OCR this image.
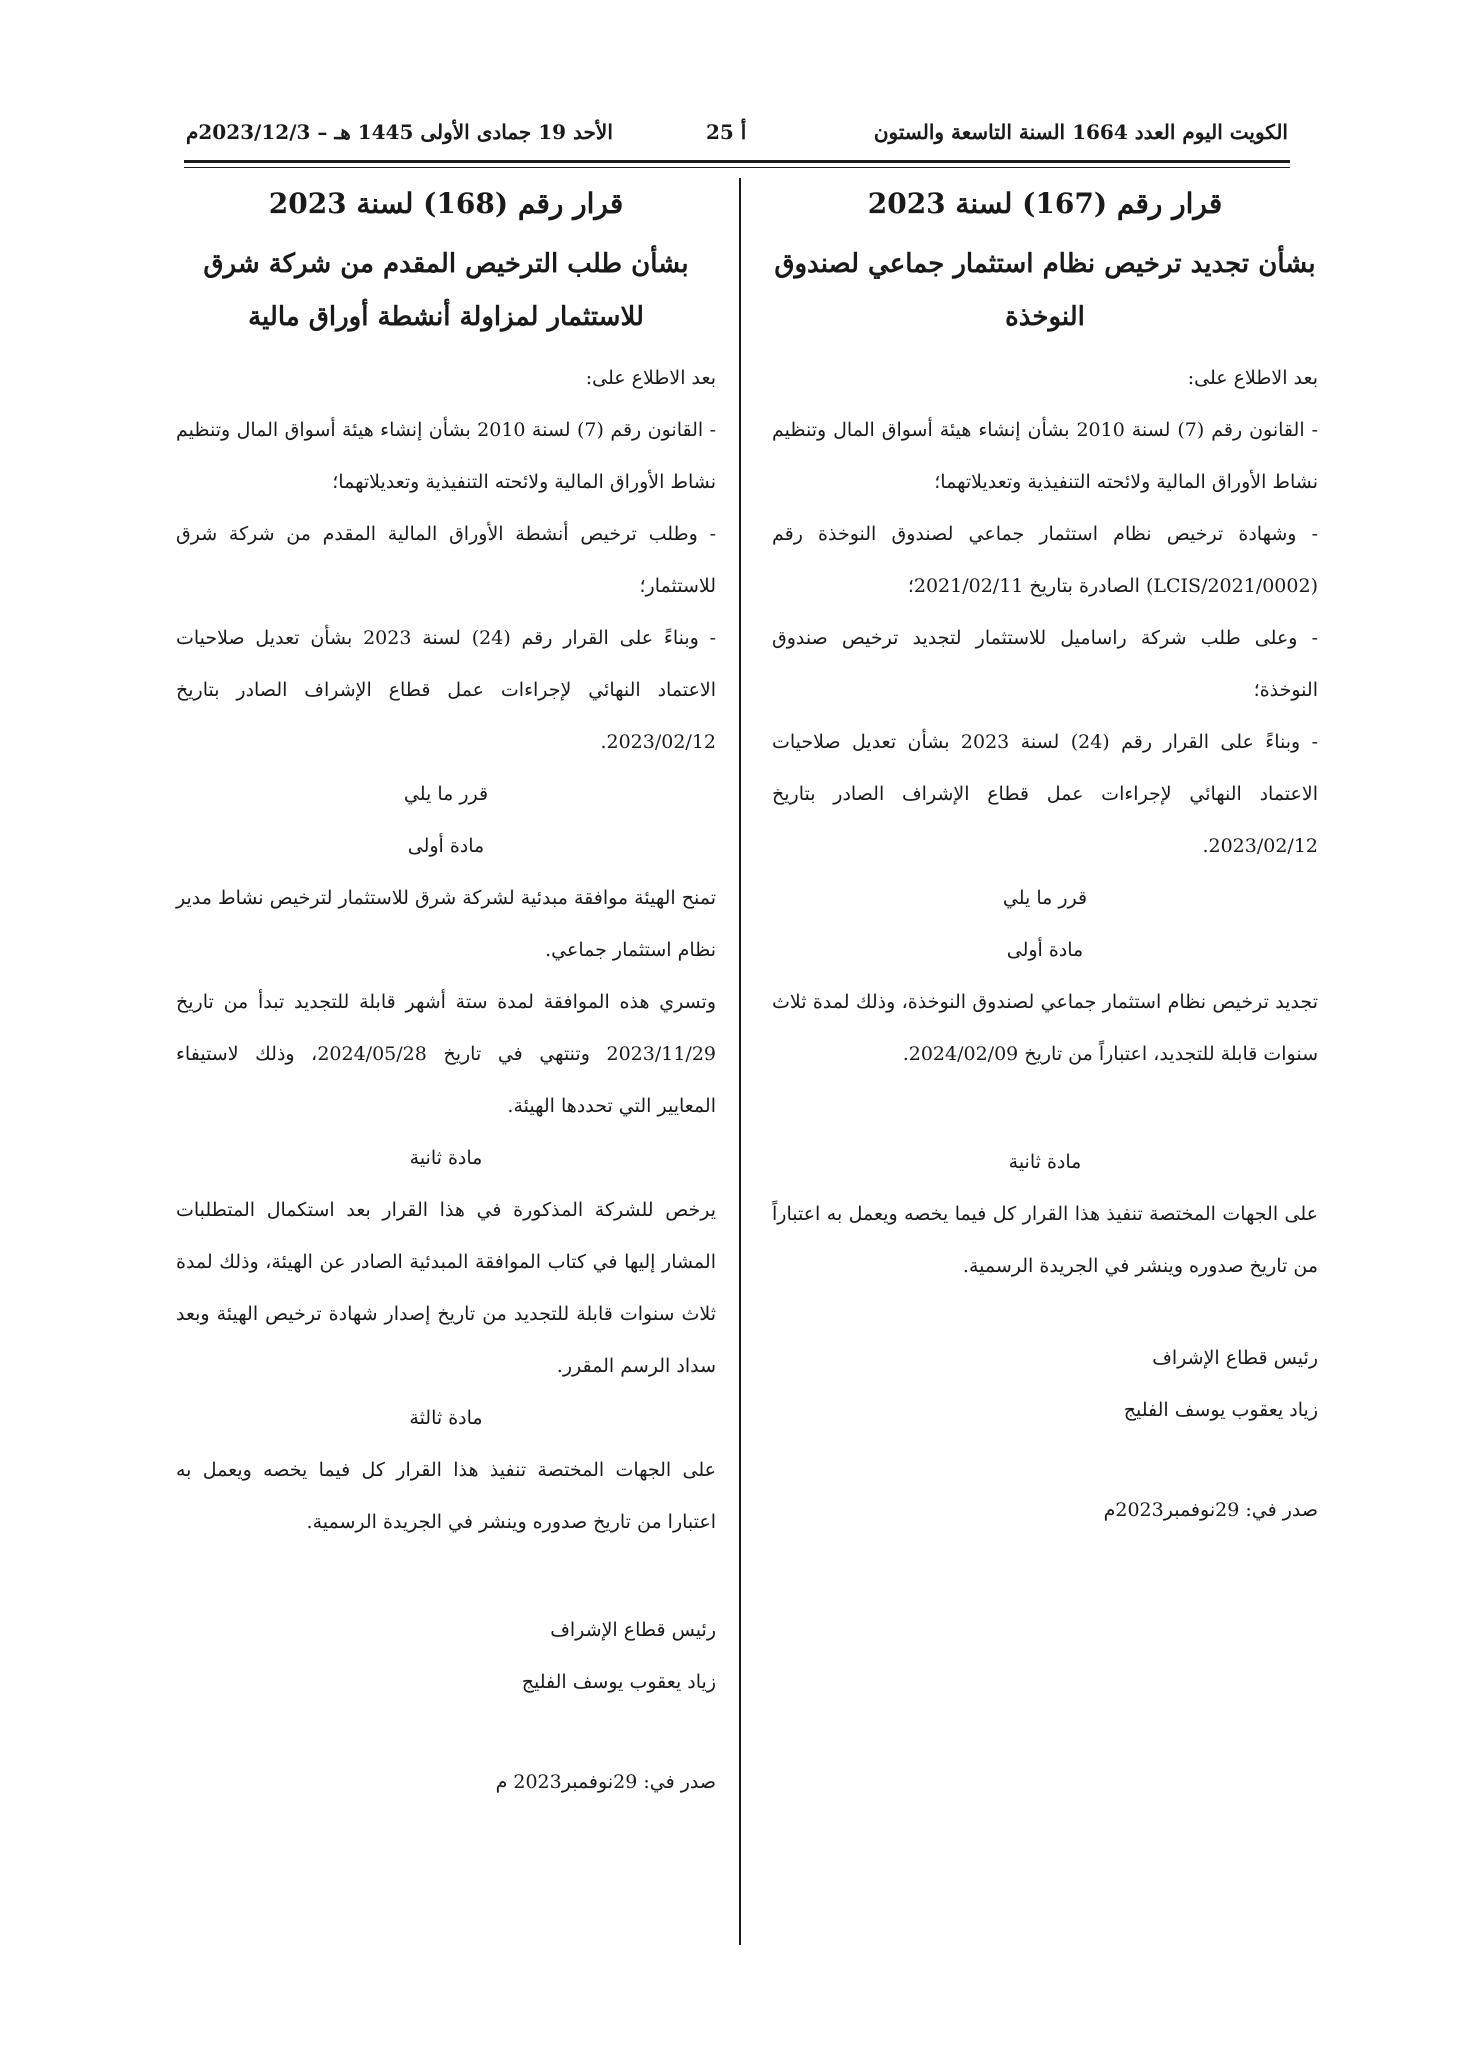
الكويت اليوم العدد 1664 السنة التاسعة والستون
أ 25
الأحد 19 جمادى الأولى 1445 هـ – 2023/12/3م
قرار رقم (167) لسنة 2023
بشأن تجديد ترخيص نظام استثمار جماعي لصندوق
النوخذة

بعد الاطلاع على:

- القانون رقم (7) لسنة 2010 بشأن إنشاء هيئة أسواق المال وتنظيم نشاط الأوراق المالية ولائحته التنفيذية وتعديلاتهما؛

- وشهادة ترخيص نظام استثمار جماعي لصندوق النوخذة رقم (LCIS/2021/0002) الصادرة بتاريخ 2021/02/11؛

- وعلى طلب شركة راساميل للاستثمار لتجديد ترخيص صندوق النوخذة؛

- وبناءً على القرار رقم (24) لسنة 2023 بشأن تعديل صلاحيات الاعتماد النهائي لإجراءات عمل قطاع الإشراف الصادر بتاريخ 2023/02/12.

قرر ما يلي

مادة أولى

تجديد ترخيص نظام استثمار جماعي لصندوق النوخذة، وذلك لمدة ثلاث سنوات قابلة للتجديد، اعتباراً من تاريخ 2024/02/09.

مادة ثانية

على الجهات المختصة تنفيذ هذا القرار كل فيما يخصه ويعمل به اعتباراً من تاريخ صدوره وينشر في الجريدة الرسمية.

رئيس قطاع الإشراف

زياد يعقوب يوسف الفليج

صدر في: 29نوفمبر2023م

قرار رقم (168) لسنة 2023
بشأن طلب الترخيص المقدم من شركة شرق
للاستثمار لمزاولة أنشطة أوراق مالية

بعد الاطلاع على:

- القانون رقم (7) لسنة 2010 بشأن إنشاء هيئة أسواق المال وتنظيم نشاط الأوراق المالية ولائحته التنفيذية وتعديلاتهما؛

- وطلب ترخيص أنشطة الأوراق المالية المقدم من شركة شرق للاستثمار؛

- وبناءً على القرار رقم (24) لسنة 2023 بشأن تعديل صلاحيات الاعتماد النهائي لإجراءات عمل قطاع الإشراف الصادر بتاريخ 2023/02/12.

قرر ما يلي

مادة أولى

تمنح الهيئة موافقة مبدئية لشركة شرق للاستثمار لترخيص نشاط مدير نظام استثمار جماعي.

وتسري هذه الموافقة لمدة ستة أشهر قابلة للتجديد تبدأ من تاريخ 2023/11/29 وتنتهي في تاريخ 2024/05/28، وذلك لاستيفاء المعايير التي تحددها الهيئة.

مادة ثانية

يرخص للشركة المذكورة في هذا القرار بعد استكمال المتطلبات المشار إليها في كتاب الموافقة المبدئية الصادر عن الهيئة، وذلك لمدة ثلاث سنوات قابلة للتجديد من تاريخ إصدار شهادة ترخيص الهيئة وبعد سداد الرسم المقرر.

مادة ثالثة

على الجهات المختصة تنفيذ هذا القرار كل فيما يخصه ويعمل به اعتبارا من تاريخ صدوره وينشر في الجريدة الرسمية.

رئيس قطاع الإشراف

زياد يعقوب يوسف الفليج

صدر في: 29نوفمبر2023 م
